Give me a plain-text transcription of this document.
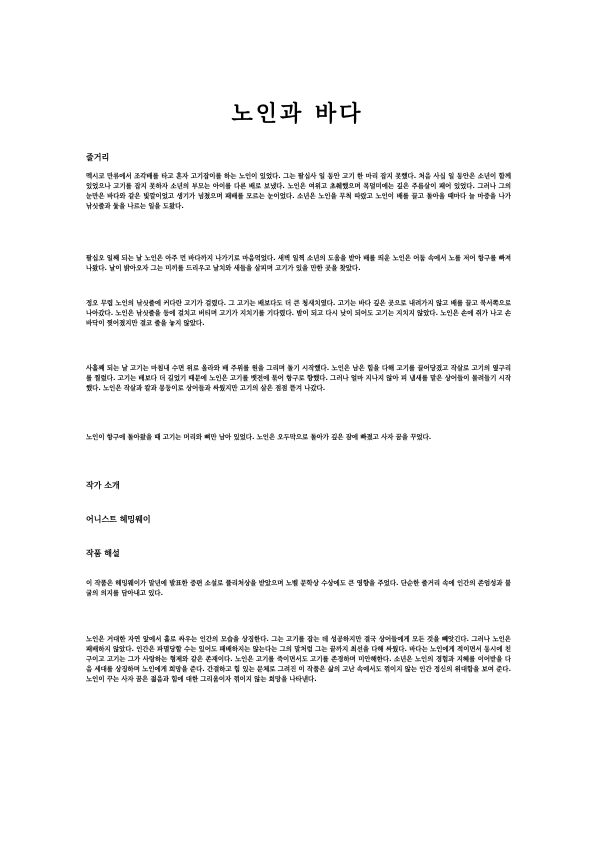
노인과 바다
줄거리
멕시코 만류에서 조각배를 타고 혼자 고기잡이를 하는 노인이 있었다. 그는 팔십사 일 동안 고기 한 마리 잡지 못했다. 처음 사십 일 동안은 소년이 함께 있었으나 고기를 잡지 못하자 소년의 부모는 아이를 다른 배로 보냈다. 노인은 여위고 초췌했으며 목덜미에는 깊은 주름살이 패어 있었다. 그러나 그의 눈만은 바다와 같은 빛깔이었고 생기가 넘쳤으며 패배를 모르는 눈이었다. 소년은 노인을 무척 따랐고 노인이 배를 끌고 돌아올 때마다 늘 마중을 나가 낚싯줄과 돛을 나르는 일을 도왔다.
팔십오 일째 되는 날 노인은 아주 먼 바다까지 나가기로 마음먹었다. 새벽 일찍 소년의 도움을 받아 배를 띄운 노인은 어둠 속에서 노를 저어 항구를 빠져나왔다. 날이 밝아오자 그는 미끼를 드리우고 날치와 새들을 살피며 고기가 있을 만한 곳을 찾았다.
정오 무렵 노인의 낚싯줄에 커다란 고기가 걸렸다. 그 고기는 배보다도 더 큰 청새치였다. 고기는 바다 깊은 곳으로 내려가지 않고 배를 끌고 북서쪽으로 나아갔다. 노인은 낚싯줄을 등에 걸치고 버티며 고기가 지치기를 기다렸다. 밤이 되고 다시 낮이 되어도 고기는 지치지 않았다. 노인은 손에 쥐가 나고 손바닥이 찢어졌지만 결코 줄을 놓지 않았다.
사흘째 되는 날 고기는 마침내 수면 위로 올라와 배 주위를 원을 그리며 돌기 시작했다. 노인은 남은 힘을 다해 고기를 끌어당겼고 작살로 고기의 옆구리를 찔렀다. 고기는 배보다 더 길었기 때문에 노인은 고기를 뱃전에 묶어 항구로 향했다. 그러나 얼마 지나지 않아 피 냄새를 맡은 상어들이 몰려들기 시작했다. 노인은 작살과 칼과 몽둥이로 상어들과 싸웠지만 고기의 살은 점점 뜯겨 나갔다.
노인이 항구에 돌아왔을 때 고기는 머리와 뼈만 남아 있었다. 노인은 오두막으로 돌아가 깊은 잠에 빠졌고 사자 꿈을 꾸었다.
작가 소개
어니스트 헤밍웨이
작품 해설
이 작품은 헤밍웨이가 말년에 발표한 중편 소설로 퓰리처상을 받았으며 노벨 문학상 수상에도 큰 영향을 주었다. 단순한 줄거리 속에 인간의 존엄성과 불굴의 의지를 담아내고 있다.
노인은 거대한 자연 앞에서 홀로 싸우는 인간의 모습을 상징한다. 그는 고기를 잡는 데 성공하지만 결국 상어들에게 모든 것을 빼앗긴다. 그러나 노인은 패배하지 않았다. 인간은 파멸당할 수는 있어도 패배하지는 않는다는 그의 말처럼 그는 끝까지 최선을 다해 싸웠다. 바다는 노인에게 적이면서 동시에 친구이고 고기는 그가 사랑하는 형제와 같은 존재이다. 노인은 고기를 죽이면서도 고기를 존경하며 미안해한다. 소년은 노인의 경험과 지혜를 이어받을 다음 세대를 상징하며 노인에게 희망을 준다. 간결하고 힘 있는 문체로 그려진 이 작품은 삶의 고난 속에서도 꺾이지 않는 인간 정신의 위대함을 보여 준다. 노인이 꾸는 사자 꿈은 젊음과 힘에 대한 그리움이자 꺾이지 않는 희망을 나타낸다.
